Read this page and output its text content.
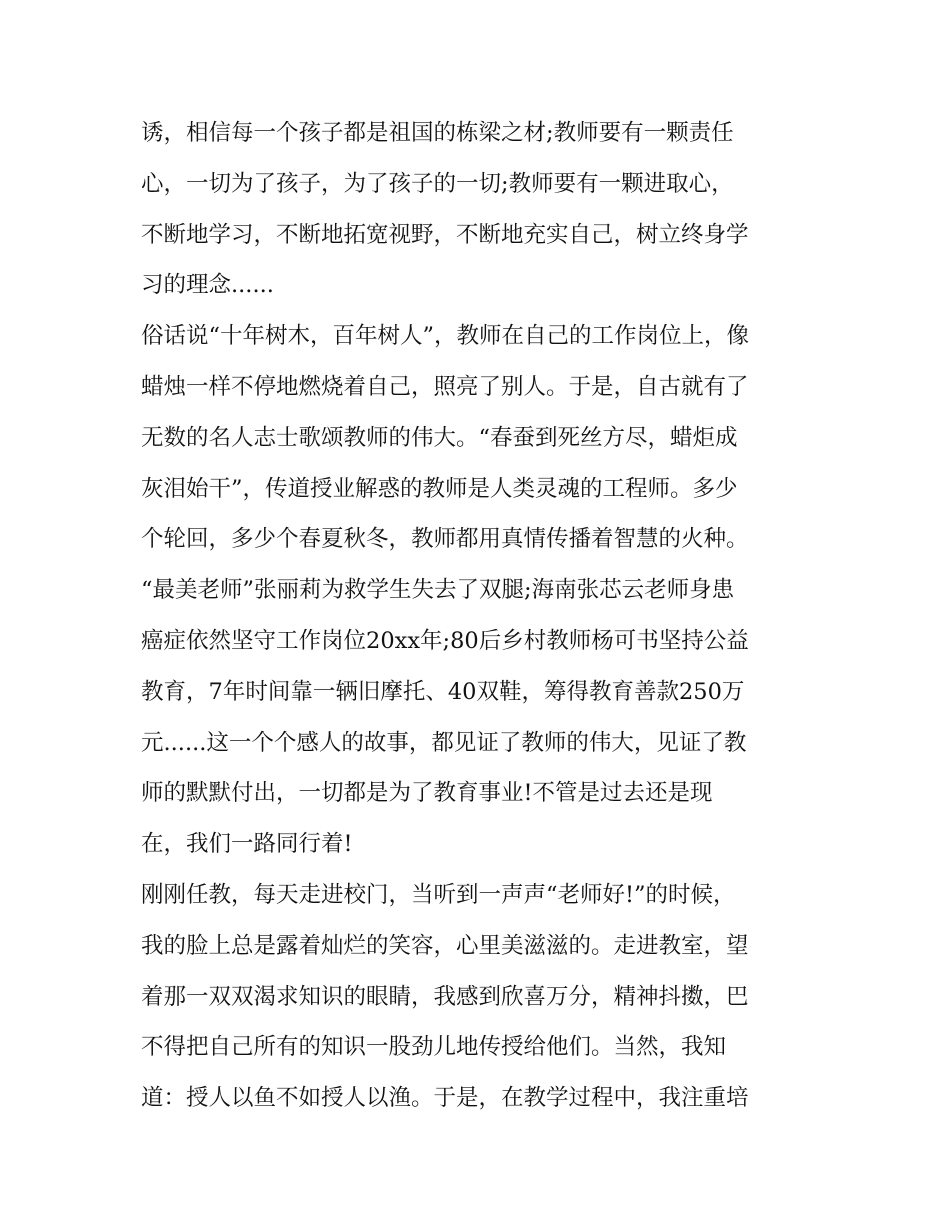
诱，相信每一个孩子都是祖国的栋梁之材;教师要有一颗责任
心，一切为了孩子，为了孩子的一切;教师要有一颗进取心，
不断地学习，不断地拓宽视野，不断地充实自己，树立终身学
习的理念......
俗话说“十年树木，百年树人”，教师在自己的工作岗位上，像
蜡烛一样不停地燃烧着自己，照亮了别人。于是，自古就有了
无数的名人志士歌颂教师的伟大。“春蚕到死丝方尽，蜡炬成
灰泪始干”，传道授业解惑的教师是人类灵魂的工程师。多少
个轮回，多少个春夏秋冬，教师都用真情传播着智慧的火种。
“最美老师”张丽莉为救学生失去了双腿;海南张芯云老师身患
癌症依然坚守工作岗位20xx年;80后乡村教师杨可书坚持公益
教育，7年时间靠一辆旧摩托、40双鞋，筹得教育善款250万
元......这一个个感人的故事，都见证了教师的伟大，见证了教
师的默默付出，一切都是为了教育事业!不管是过去还是现
在，我们一路同行着!
刚刚任教，每天走进校门，当听到一声声“老师好!”的时候，
我的脸上总是露着灿烂的笑容，心里美滋滋的。走进教室，望
着那一双双渴求知识的眼睛，我感到欣喜万分，精神抖擞，巴
不得把自己所有的知识一股劲儿地传授给他们。当然，我知
道：授人以鱼不如授人以渔。于是，在教学过程中，我注重培
